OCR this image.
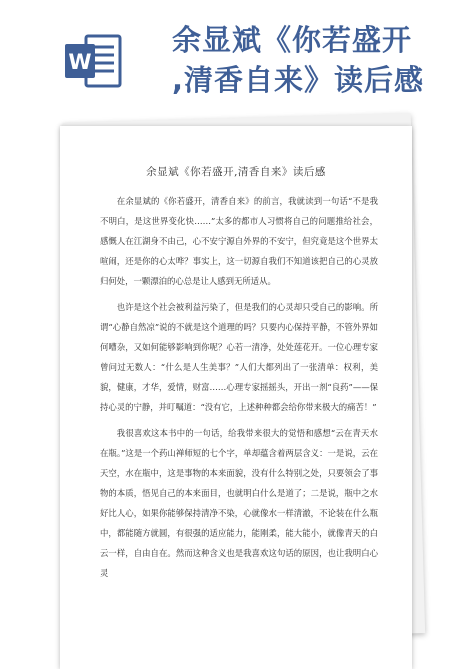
W
余显斌《你若盛开
,清香自来》读后感
余显斌《你若盛开,清香自来》读后感

在余显斌的《你若盛开，清香自来》的前言，我就读到一句话“不是我不明白，是这世界变化快……”太多的都市人习惯将自己的问题推给社会，感慨人在江湖身不由己，心不安宁源自外界的不安宁，但究竟是这个世界太喧闹，还是你的心太哗？事实上，这一切源自我们不知道该把自己的心灵放归何处，一颗漂泊的心总是让人感到无所适从。

也许是这个社会被利益污染了，但是我们的心灵却只受自己的影响。所谓“心静自然凉”说的不就是这个道理的吗？只要内心保持平静，不管外界如何嘈杂，又如何能够影响到你呢？心若一清净，处处莲花开。一位心理专家曾问过无数人：“什么是人生美事？”人们大都列出了一张清单：权利，美貌，健康，才华，爱情，财富……心理专家摇摇头，开出一剂“良药”——保持心灵的宁静，并叮嘱道：“没有它，上述种种都会给你带来极大的痛苦！”

我很喜欢这本书中的一句话，给我带来很大的觉悟和感想“云在青天水在瓶。”这是一个药山禅师短的七个字，单却蕴含着两层含义：一是说，云在天空，水在瓶中，这是事物的本来面貌，没有什么特别之处，只要领会了事物的本质，悟见自己的本来面目，也就明白什么是道了；二是说，瓶中之水好比人心，如果你能够保持清净不染，心就像水一样清澈，不论装在什么瓶中，都能随方就圆，有很强的适应能力，能刚柔，能大能小，就像青天的白云一样，自由自在。然而这种含义也是我喜欢这句话的原因，也让我明白心灵
